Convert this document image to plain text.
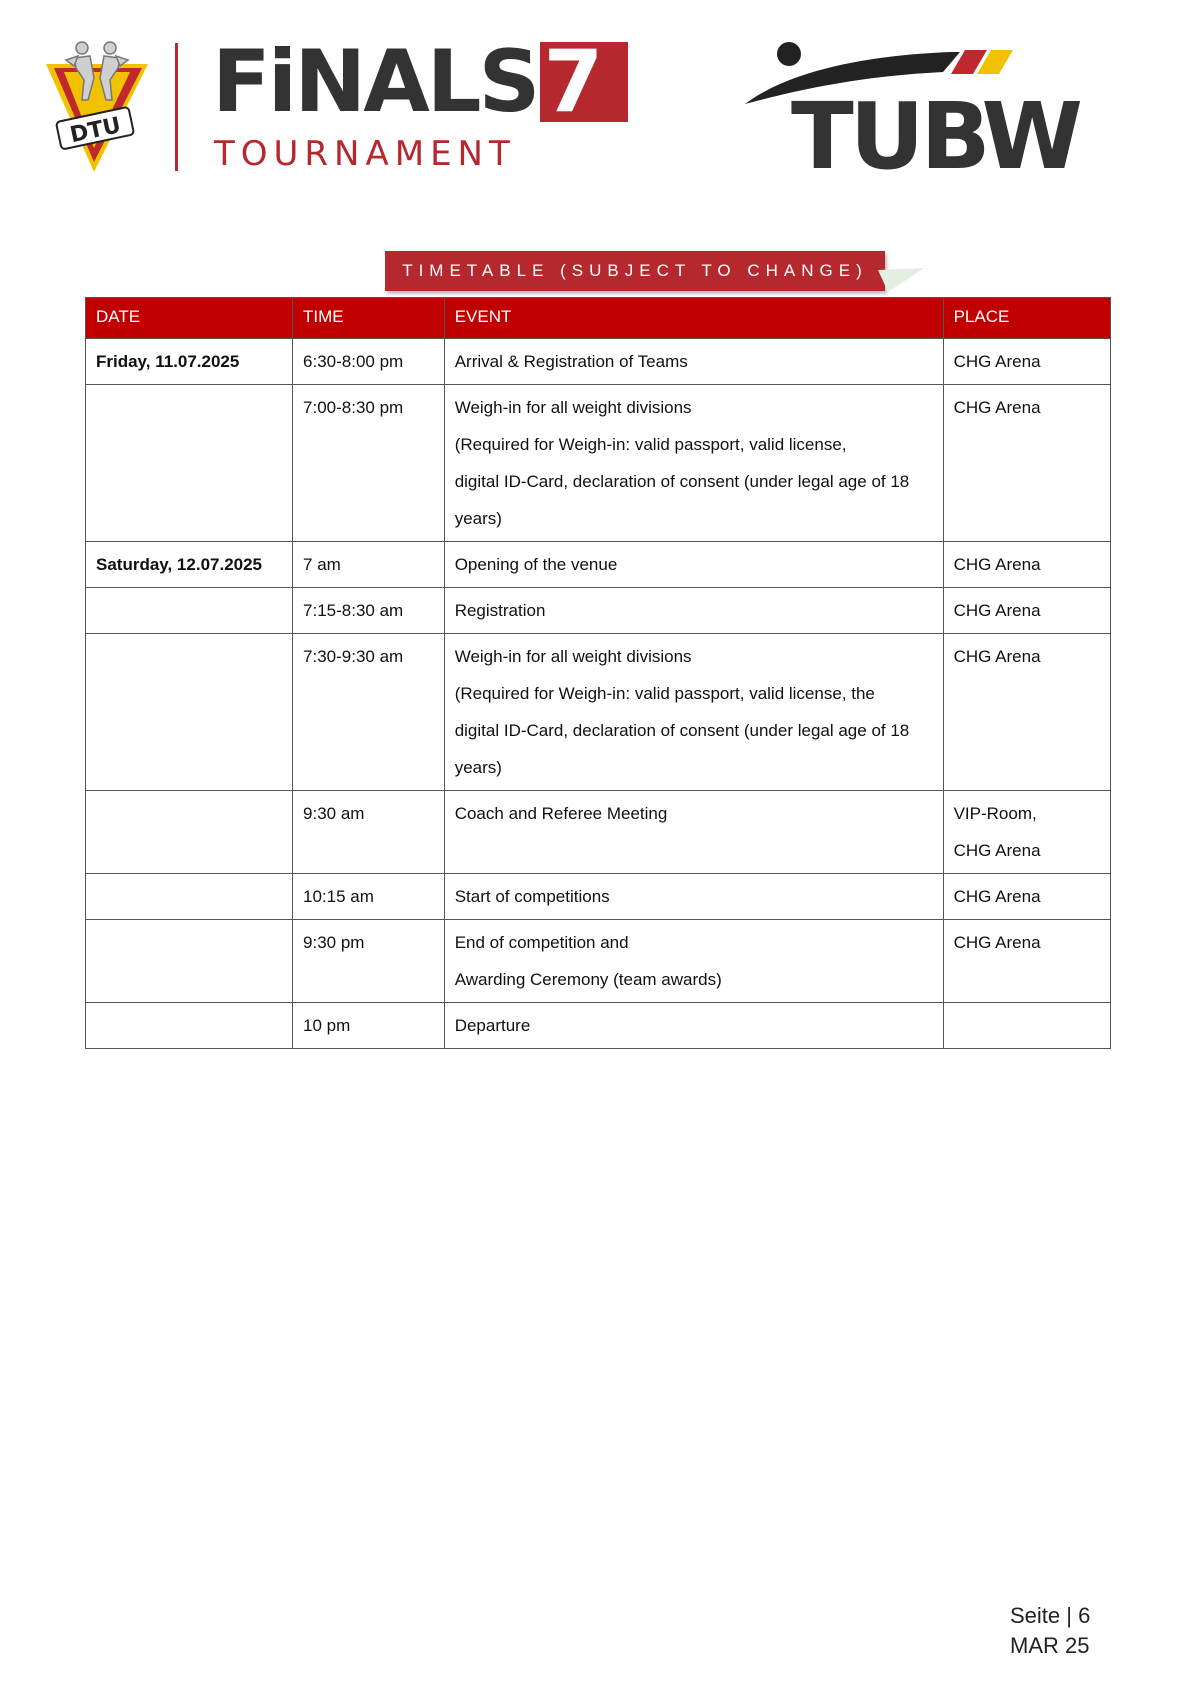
DTU FiNALS7
TOURNAMENT	TUBW
TIMETABLE (SUBJECT TO CHANGE)
DATE	TIME	EVENT	PLACE
Friday, 11.07.2025	6:30-8:00 pm	Arrival & Registration of Teams	CHG Arena

	7:00-8:30 pm	Weigh-in for all weight divisions
(Required for Weigh-in: valid passport, valid license,
digital ID-Card, declaration of consent (under legal age of 18
years)	CHG Arena

Saturday, 12.07.2025	7 am	Opening of the venue	CHG Arena

	7:15-8:30 am	Registration	CHG Arena

	7:30-9:30 am	Weigh-in for all weight divisions
(Required for Weigh-in: valid passport, valid license, the
digital ID-Card, declaration of consent (under legal age of 18
years)	CHG Arena

	9:30 am	Coach and Referee Meeting	VIP-Room,
CHG Arena

	10:15 am	Start of competitions	CHG Arena

	9:30 pm	End of competition and
Awarding Ceremony (team awards)	CHG Arena

	10 pm	Departure	

Seite | 6
MAR 25
